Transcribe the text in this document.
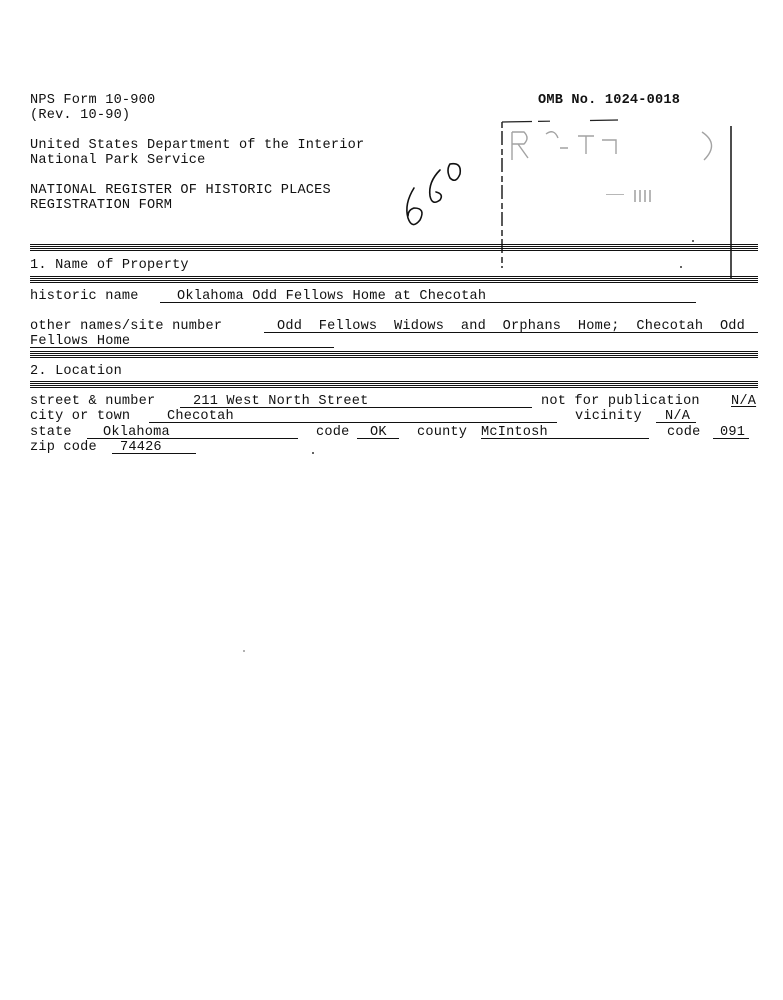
NPS Form 10-900
(Rev. 10-90)
OMB No. 1024-0018
United States Department of the Interior
National Park Service
NATIONAL REGISTER OF HISTORIC PLACES
REGISTRATION FORM
1. Name of Property
historic name	Oklahoma Odd Fellows Home at Checotah
other names/site number	Odd  Fellows  Widows  and  Orphans  Home;  Checotah  Odd
Fellows Home
2. Location
street & number	211 West North Street	not for publication N/A
city or town	Checotah	vicinity N/A
state Oklahoma	code OK county McIntosh	code 091
zip code 74426
